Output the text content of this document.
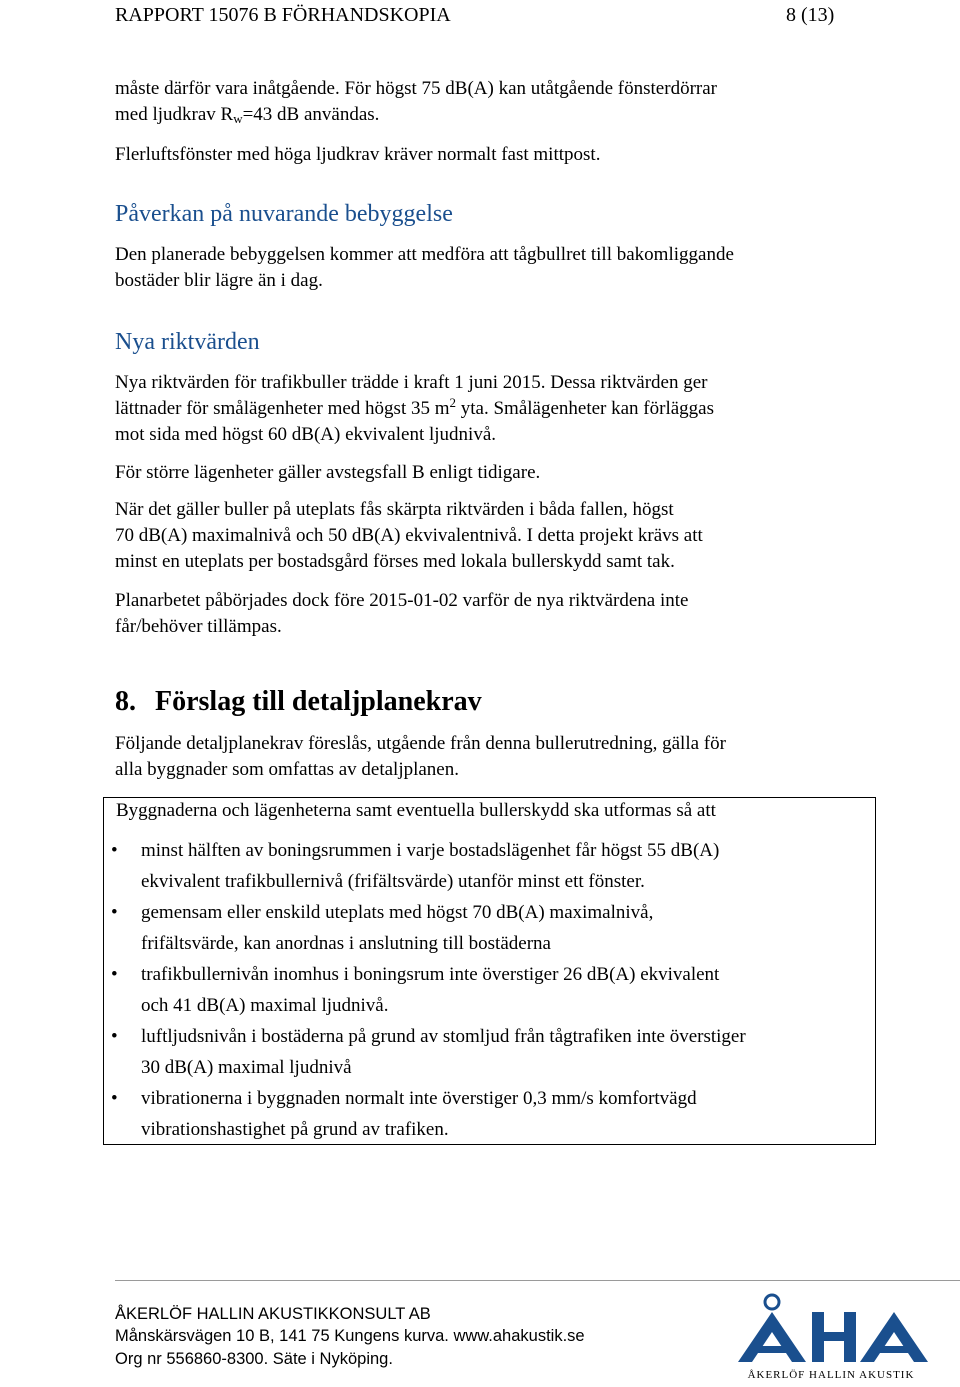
RAPPORT 15076 B FÖRHANDSKOPIA	8 (13)

måste därför vara inåtgående. För högst 75 dB(A) kan utåtgående fönsterdörrar

med ljudkrav Rw=43 dB användas.

Flerluftsfönster med höga ljudkrav kräver normalt fast mittpost.

Påverkan på nuvarande bebyggelse

Den planerade bebyggelsen kommer att medföra att tågbullret till bakomliggande

bostäder blir lägre än i dag.

Nya riktvärden

Nya riktvärden för trafikbuller trädde i kraft 1 juni 2015. Dessa riktvärden ger

lättnader för smålägenheter med högst 35 $m^2$ yta. Smålägenheter kan förläggas

mot sida med högst 60 dB(A) ekvivalent ljudnivå.

För större lägenheter gäller avstegsfall B enligt tidigare.

När det gäller buller på uteplats fås skärpta riktvärden i båda fallen, högst

70 dB(A) maximalnivå och 50 dB(A) ekvivalentnivå. I detta projekt krävs att

minst en uteplats per bostadsgård förses med lokala bullerskydd samt tak.

Planarbetet påbörjades dock före 2015-01-02 varför de nya riktvärdena inte

får/behöver tillämpas.

8. Förslag till detaljplanekrav

Följande detaljplanekrav föreslås, utgående från denna bullerutredning, gälla för

alla byggnader som omfattas av detaljplanen.

Byggnaderna och lägenheterna samt eventuella bullerskydd ska utformas så att
• minst hälften av boningsrummen i varje bostadslägenhet får högst 55 dB(A)
ekvivalent trafikbullernivå (frifältsvärde) utanför minst ett fönster.
• gemensam eller enskild uteplats med högst 70 dB(A) maximalnivå,
frifältsvärde, kan anordnas i anslutning till bostäderna
• trafikbullernivån inomhus i boningsrum inte överstiger 26 dB(A) ekvivalent
och 41 dB(A) maximal ljudnivå.
• luftljudsnivån i bostäderna på grund av stomljud från tågtrafiken inte överstiger
30 dB(A) maximal ljudnivå
• vibrationerna i byggnaden normalt inte överstiger 0,3 mm/s komfortvägd
vibrationshastighet på grund av trafiken.
ÅKERLÖF HALLIN AKUSTIKKONSULT AB
Månskärsvägen 10 B, 141 75 Kungens kurva. www.ahakustik.se
Org nr 556860-8300. Säte i Nyköping.
ÅKERLÖF HALLIN AKUSTIK
